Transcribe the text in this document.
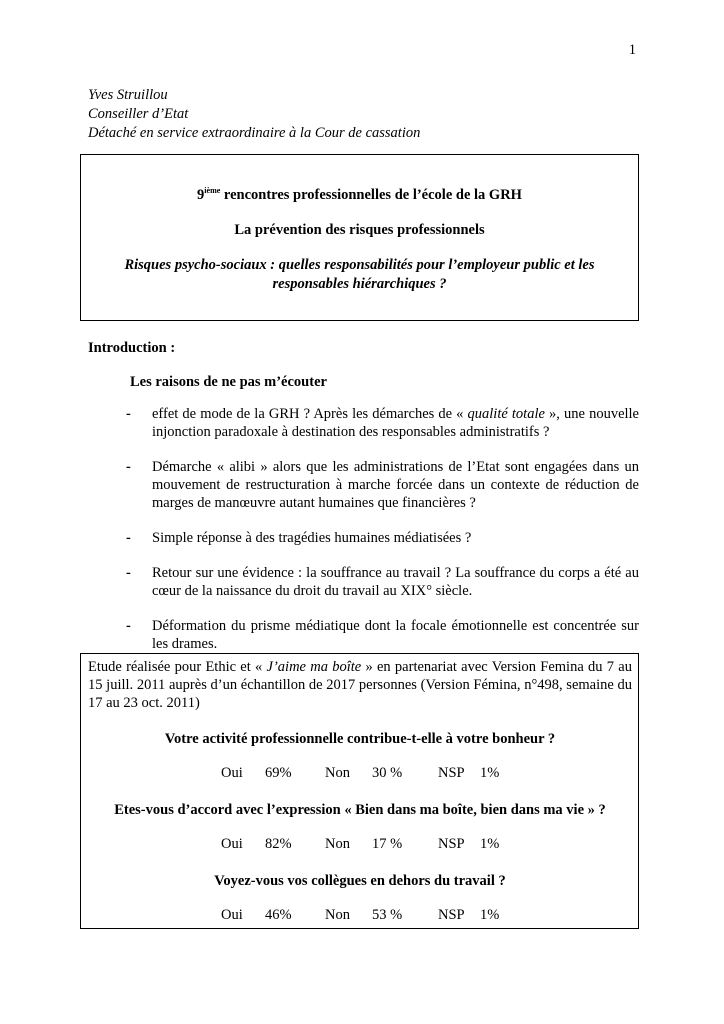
1
Yves Struillou
Conseiller d’Etat
Détaché en service extraordinaire à la Cour de cassation
9ième rencontres professionnelles de l’école de la GRH
La prévention des risques professionnels
Risques psycho-sociaux : quelles responsabilités pour l’employeur public et les responsables hiérarchiques ?
Introduction :
Les raisons de ne pas m’écouter
- effet de mode de la GRH ? Après les démarches de « qualité totale », une nouvelle injonction paradoxale à destination des responsables administratifs ?
- Démarche « alibi » alors que les administrations de l’Etat sont engagées dans un mouvement de restructuration à marche forcée dans un contexte de réduction de marges de manœuvre autant humaines que financières ?
- Simple réponse à des tragédies humaines médiatisées ?
- Retour sur une évidence : la souffrance au travail ? La souffrance du corps a été au cœur de la naissance du droit du travail au XIX° siècle.
- Déformation du prisme médiatique dont la focale émotionnelle est concentrée sur les drames.
Etude réalisée pour Ethic et « J’aime ma boîte » en partenariat avec Version Femina du 7 au 15 juill. 2011 auprès d’un échantillon de 2017 personnes (Version Fémina, n°498, semaine du 17 au 23 oct. 2011)
Votre activité professionnelle contribue-t-elle à votre bonheur ?
Oui 69% Non 30 % NSP 1%
Etes-vous d’accord avec l’expression « Bien dans ma boîte, bien dans ma vie » ?
Oui 82% Non 17 % NSP 1%
Voyez-vous vos collègues en dehors du travail ?
Oui 46% Non 53 % NSP 1%
